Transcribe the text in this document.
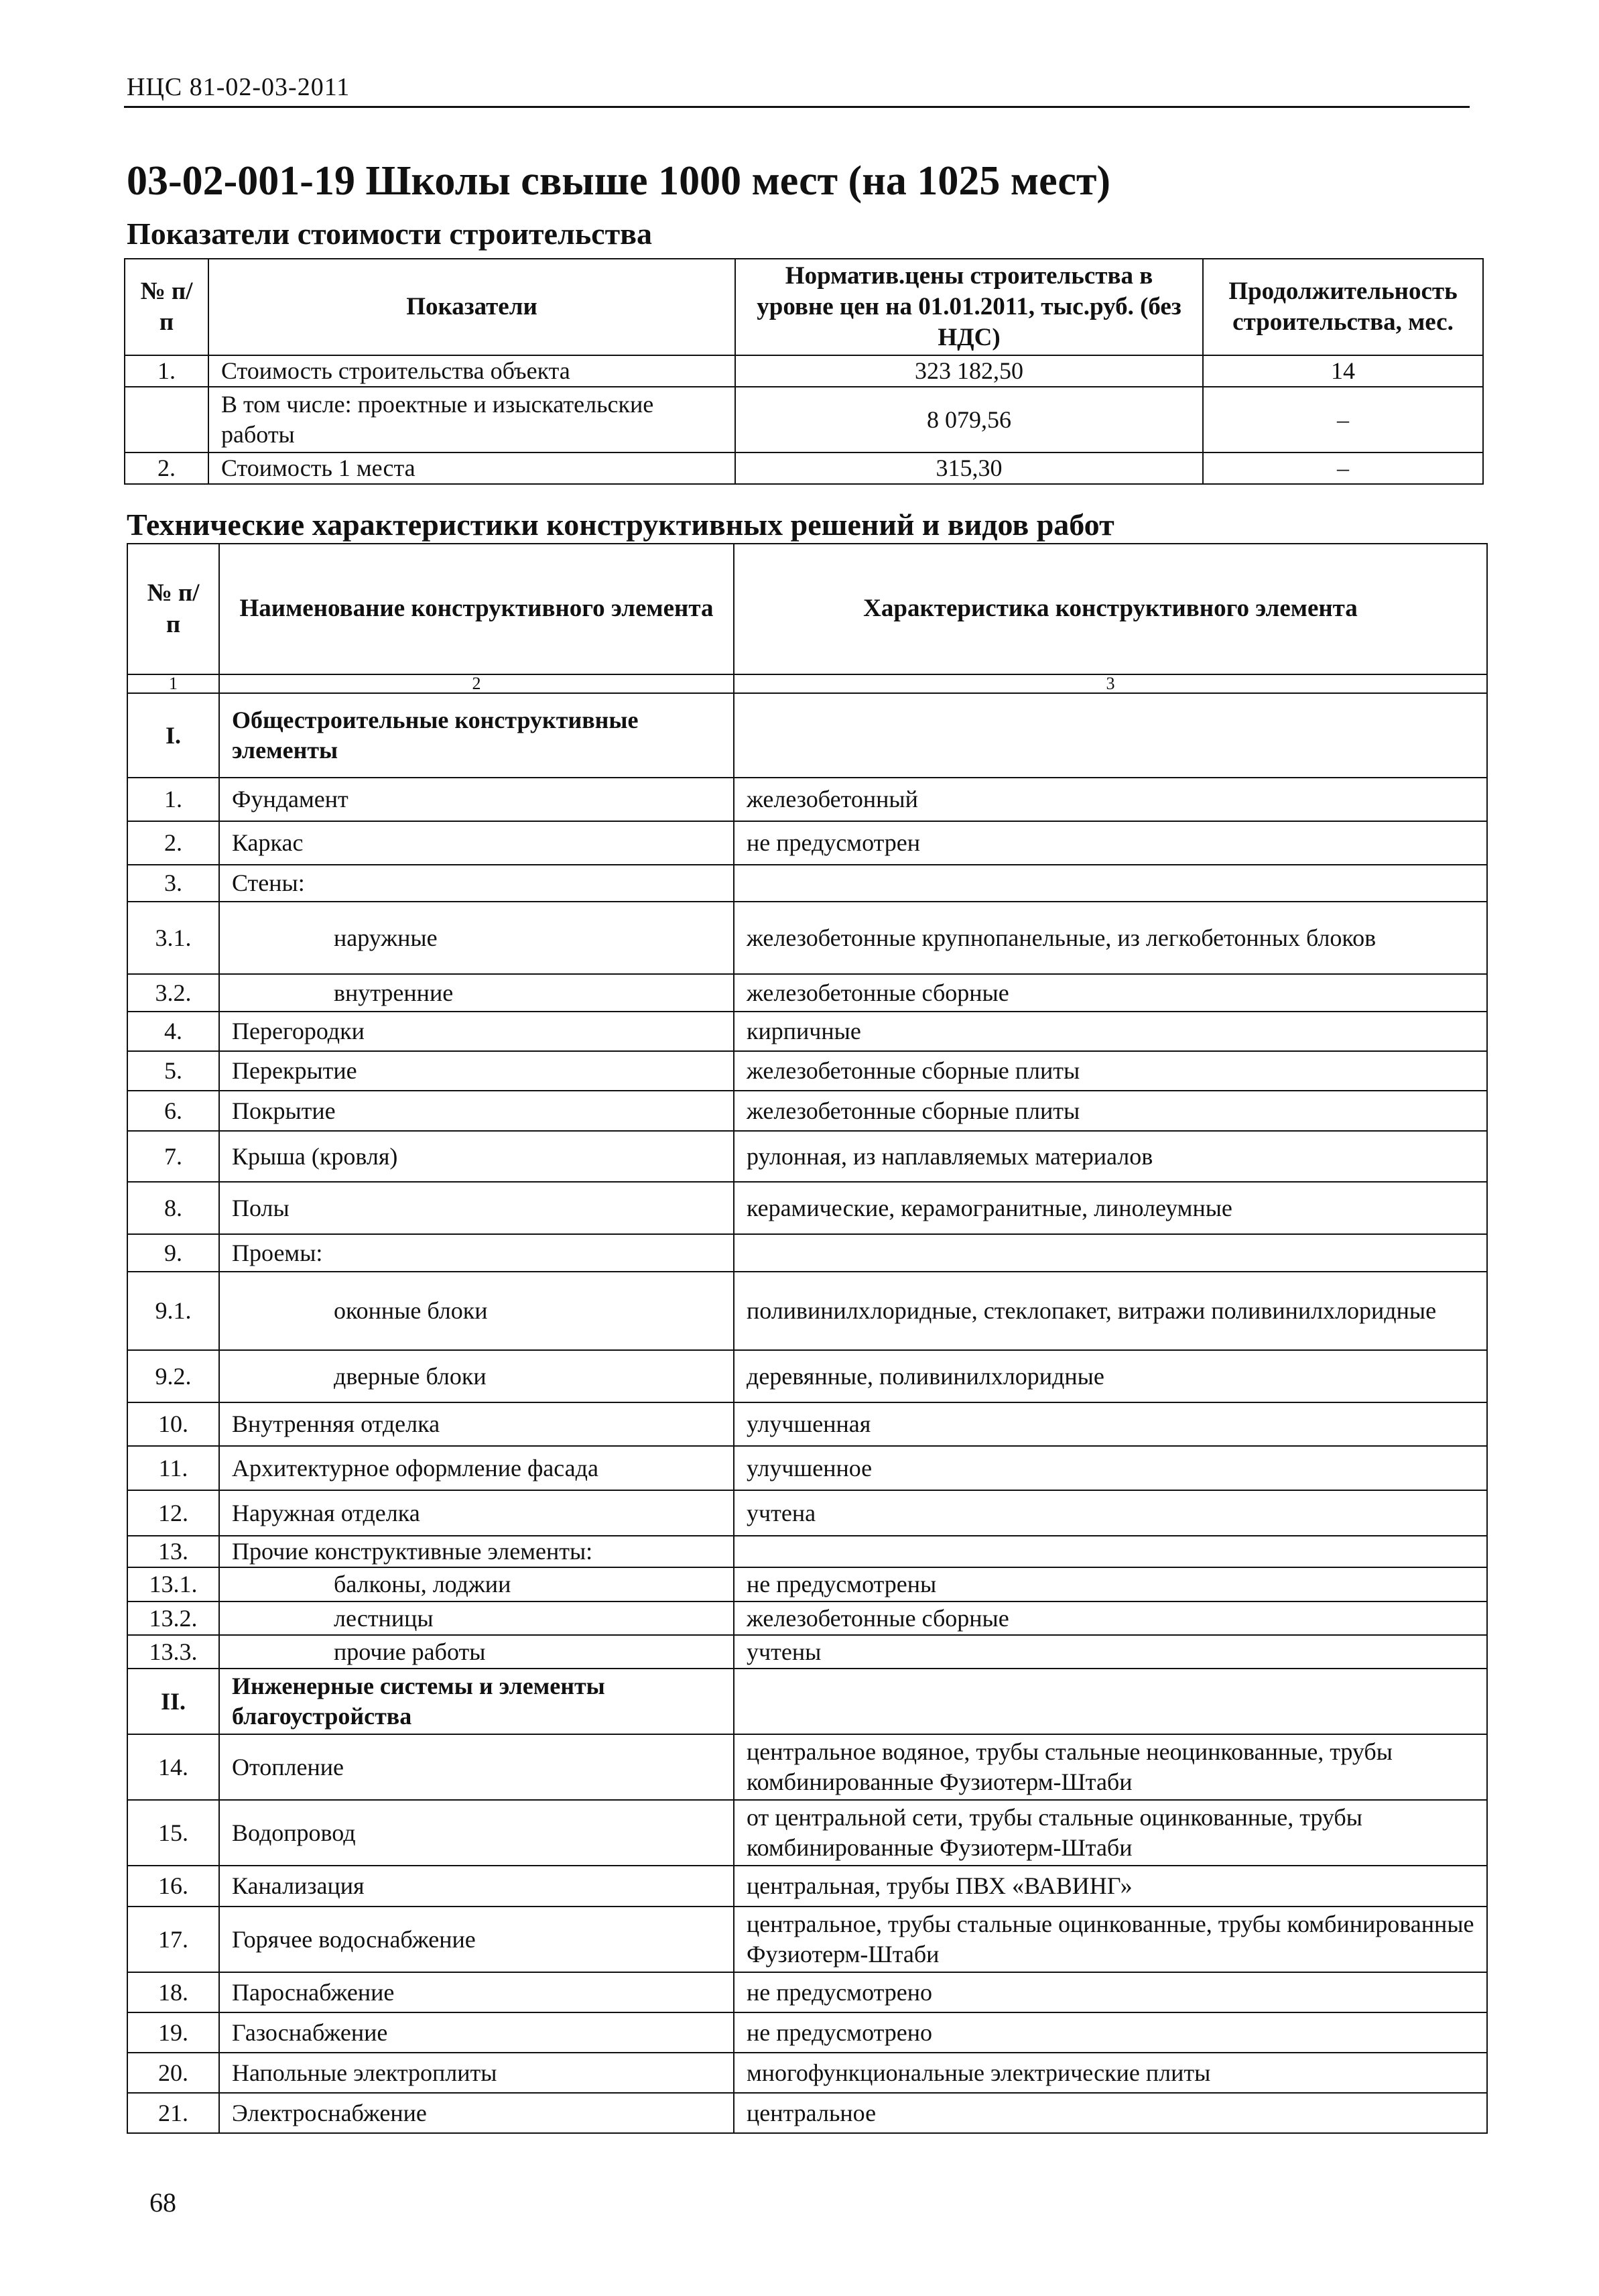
НЦС 81-02-03-2011
03-02-001-19 Школы свыше 1000 мест (на 1025 мест)
Показатели стоимости строительства
№ п/п	Показатели	Норматив.цены строительства в уровне цен на 01.01.2011, тыс.руб. (без НДС)	Продолжительность строительства, мес.
1.	Стоимость строительства объекта	323 182,50	14
	В том числе: проектные и изыскательские работы	8 079,56	–
2.	Стоимость 1 места	315,30	–
Технические характеристики конструктивных решений и видов работ
№ п/п	Наименование конструктивного элемента	Характеристика конструктивного элемента
1	2	3
I.	Общестроительные конструктивные элементы	
1.	Фундамент	железобетонный
2.	Каркас	не предусмотрен
3.	Стены:	
3.1.	наружные	железобетонные крупнопанельные, из легкобетонных блоков
3.2.	внутренние	железобетонные сборные
4.	Перегородки	кирпичные
5.	Перекрытие	железобетонные сборные плиты
6.	Покрытие	железобетонные сборные плиты
7.	Крыша (кровля)	рулонная, из наплавляемых материалов
8.	Полы	керамические, керамогранитные, линолеумные
9.	Проемы:	
9.1.	оконные блоки	поливинилхлоридные, стеклопакет, витражи поливинилхлоридные
9.2.	дверные блоки	деревянные, поливинилхлоридные
10.	Внутренняя отделка	улучшенная
11.	Архитектурное оформление фасада	улучшенное
12.	Наружная отделка	учтена
13.	Прочие конструктивные элементы:	
13.1.	балконы, лоджии	не предусмотрены
13.2.	лестницы	железобетонные сборные
13.3.	прочие работы	учтены
II.	Инженерные системы и элементы благоустройства	
14.	Отопление	центральное водяное, трубы стальные неоцинкованные, трубы комбинированные Фузиотерм-Штаби
15.	Водопровод	от центральной сети, трубы стальные оцинкованные, трубы комбинированные Фузиотерм-Штаби
16.	Канализация	центральная, трубы ПВХ «ВАВИНГ»
17.	Горячее водоснабжение	центральное, трубы стальные оцинкованные, трубы комбинированные Фузиотерм-Штаби
18.	Пароснабжение	не предусмотрено
19.	Газоснабжение	не предусмотрено
20.	Напольные электроплиты	многофункциональные электрические плиты
21.	Электроснабжение	центральное
68
